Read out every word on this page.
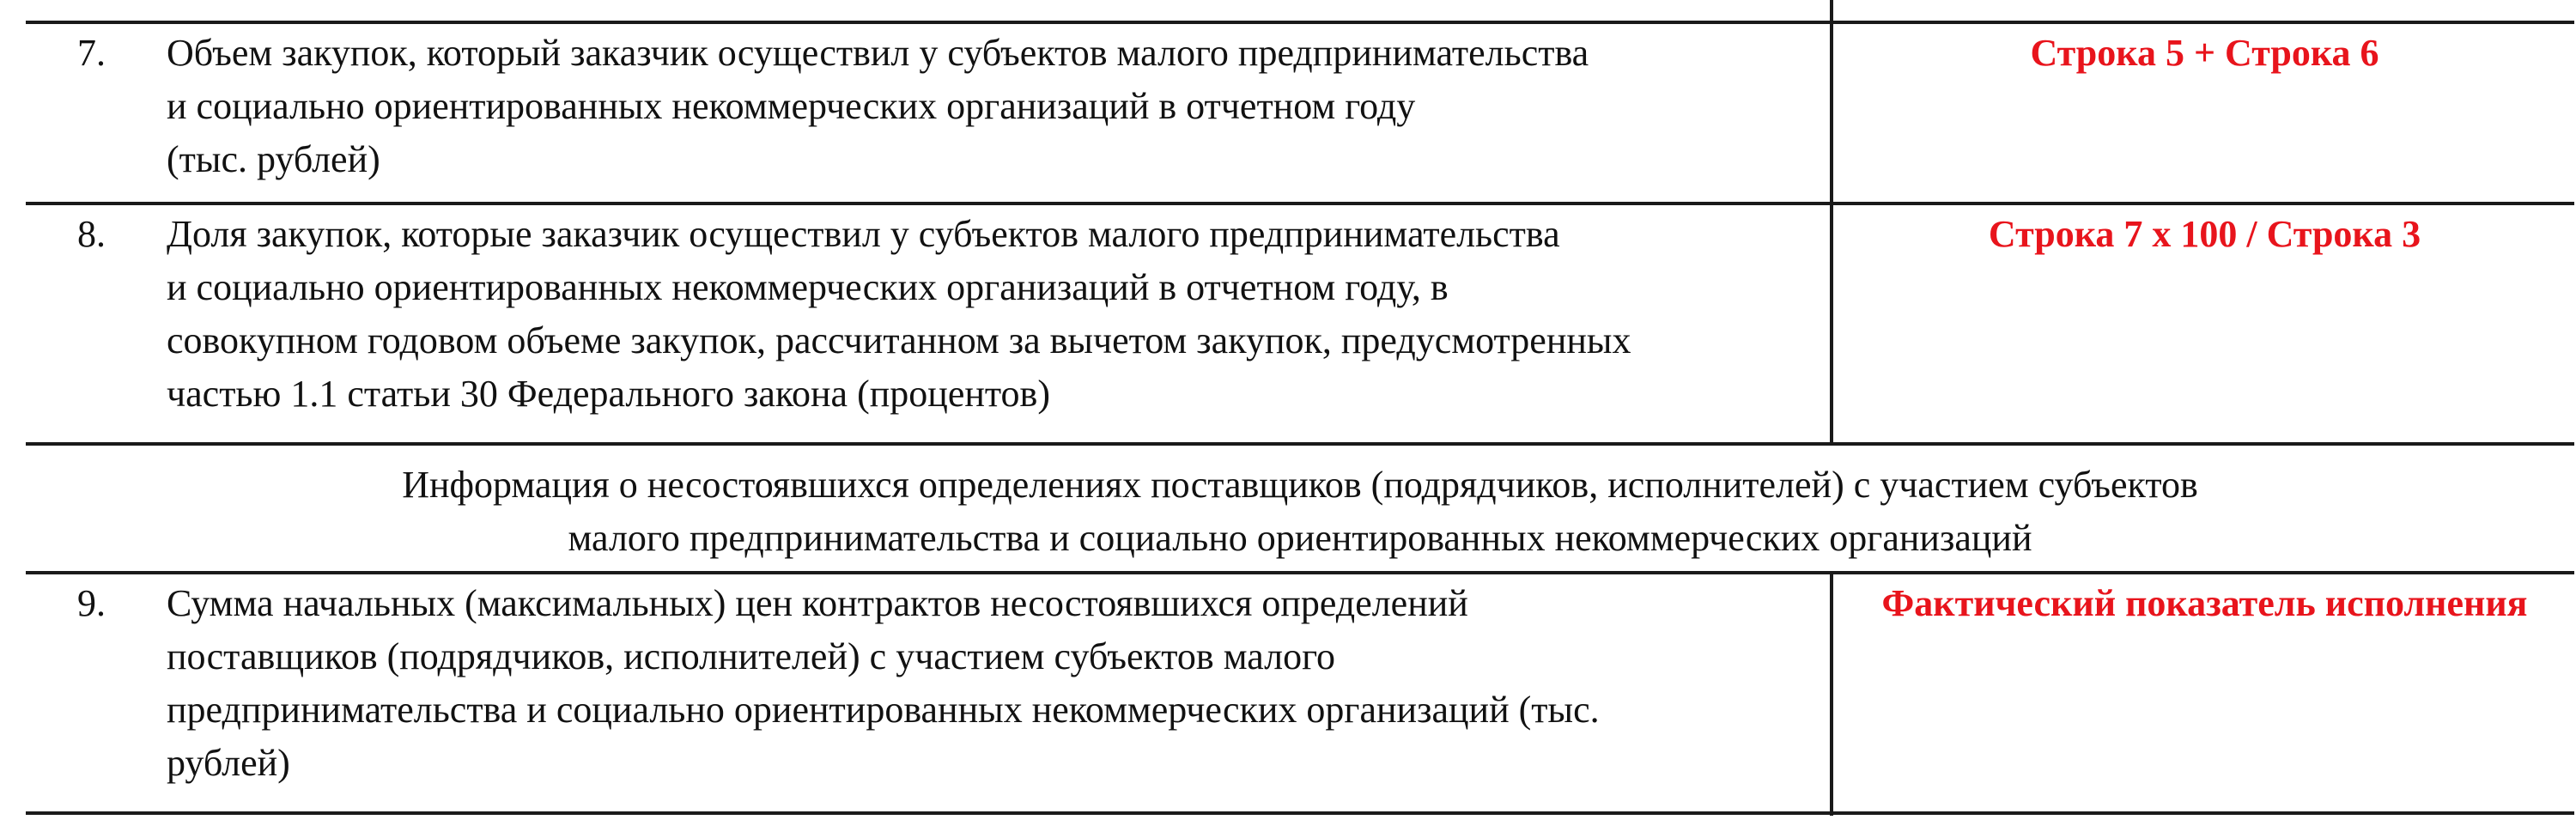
7. Объем закупок, который заказчик осуществил у субъектов малого предпринимательства
и социально ориентированных некоммерческих организаций в отчетном году
(тыс. рублей)
Строка 5 + Строка 6
8. Доля закупок, которые заказчик осуществил у субъектов малого предпринимательства
и социально ориентированных некоммерческих организаций в отчетном году, в
совокупном годовом объеме закупок, рассчитанном за вычетом закупок, предусмотренных
частью 1.1 статьи 30 Федерального закона (процентов)
Строка 7 х 100 / Строка 3
Информация о несостоявшихся определениях поставщиков (подрядчиков, исполнителей) с участием субъектов
малого предпринимательства и социально ориентированных некоммерческих организаций
9. Сумма начальных (максимальных) цен контрактов несостоявшихся определений
поставщиков (подрядчиков, исполнителей) с участием субъектов малого
предпринимательства и социально ориентированных некоммерческих организаций (тыс.
рублей)
Фактический показатель исполнения
